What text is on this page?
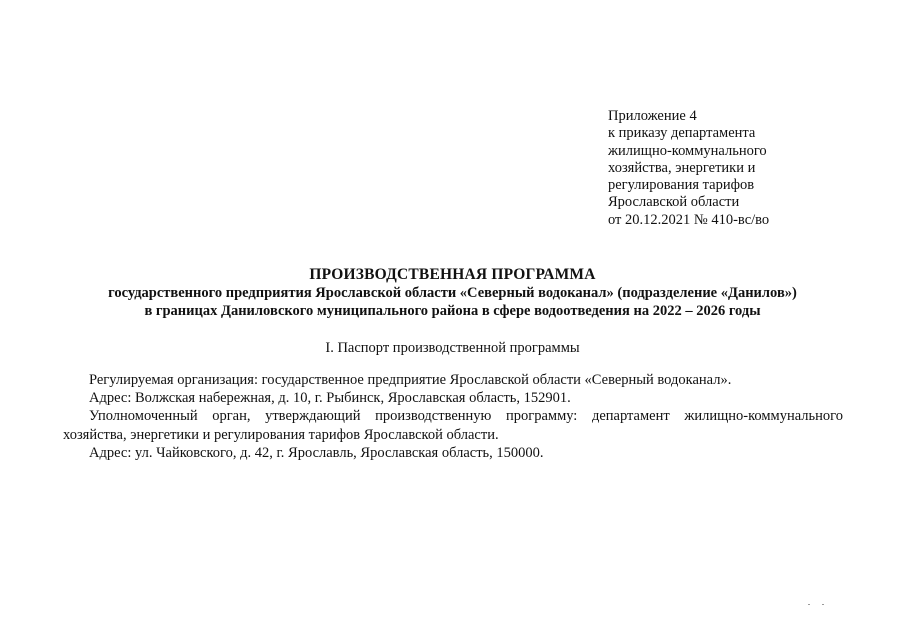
Приложение 4
к приказу департамента
жилищно-коммунального
хозяйства, энергетики и
регулирования тарифов
Ярославской области
от 20.12.2021 № 410-вс/во
ПРОИЗВОДСТВЕННАЯ ПРОГРАММА
государственного предприятия Ярославской области «Северный водоканал» (подразделение «Данилов»)
в границах Даниловского муниципального района в сфере водоотведения на 2022 – 2026 годы
I. Паспорт производственной программы

Регулируемая организация: государственное предприятие Ярославской области «Северный водоканал».

Адрес: Волжская набережная, д. 10, г. Рыбинск, Ярославская область, 152901.

Уполномоченный орган, утверждающий производственную программу: департамент жилищно-коммунального хозяйства, энергетики и регулирования тарифов Ярославской области.

Адрес: ул. Чайковского, д. 42, г. Ярославль, Ярославская область, 150000.
